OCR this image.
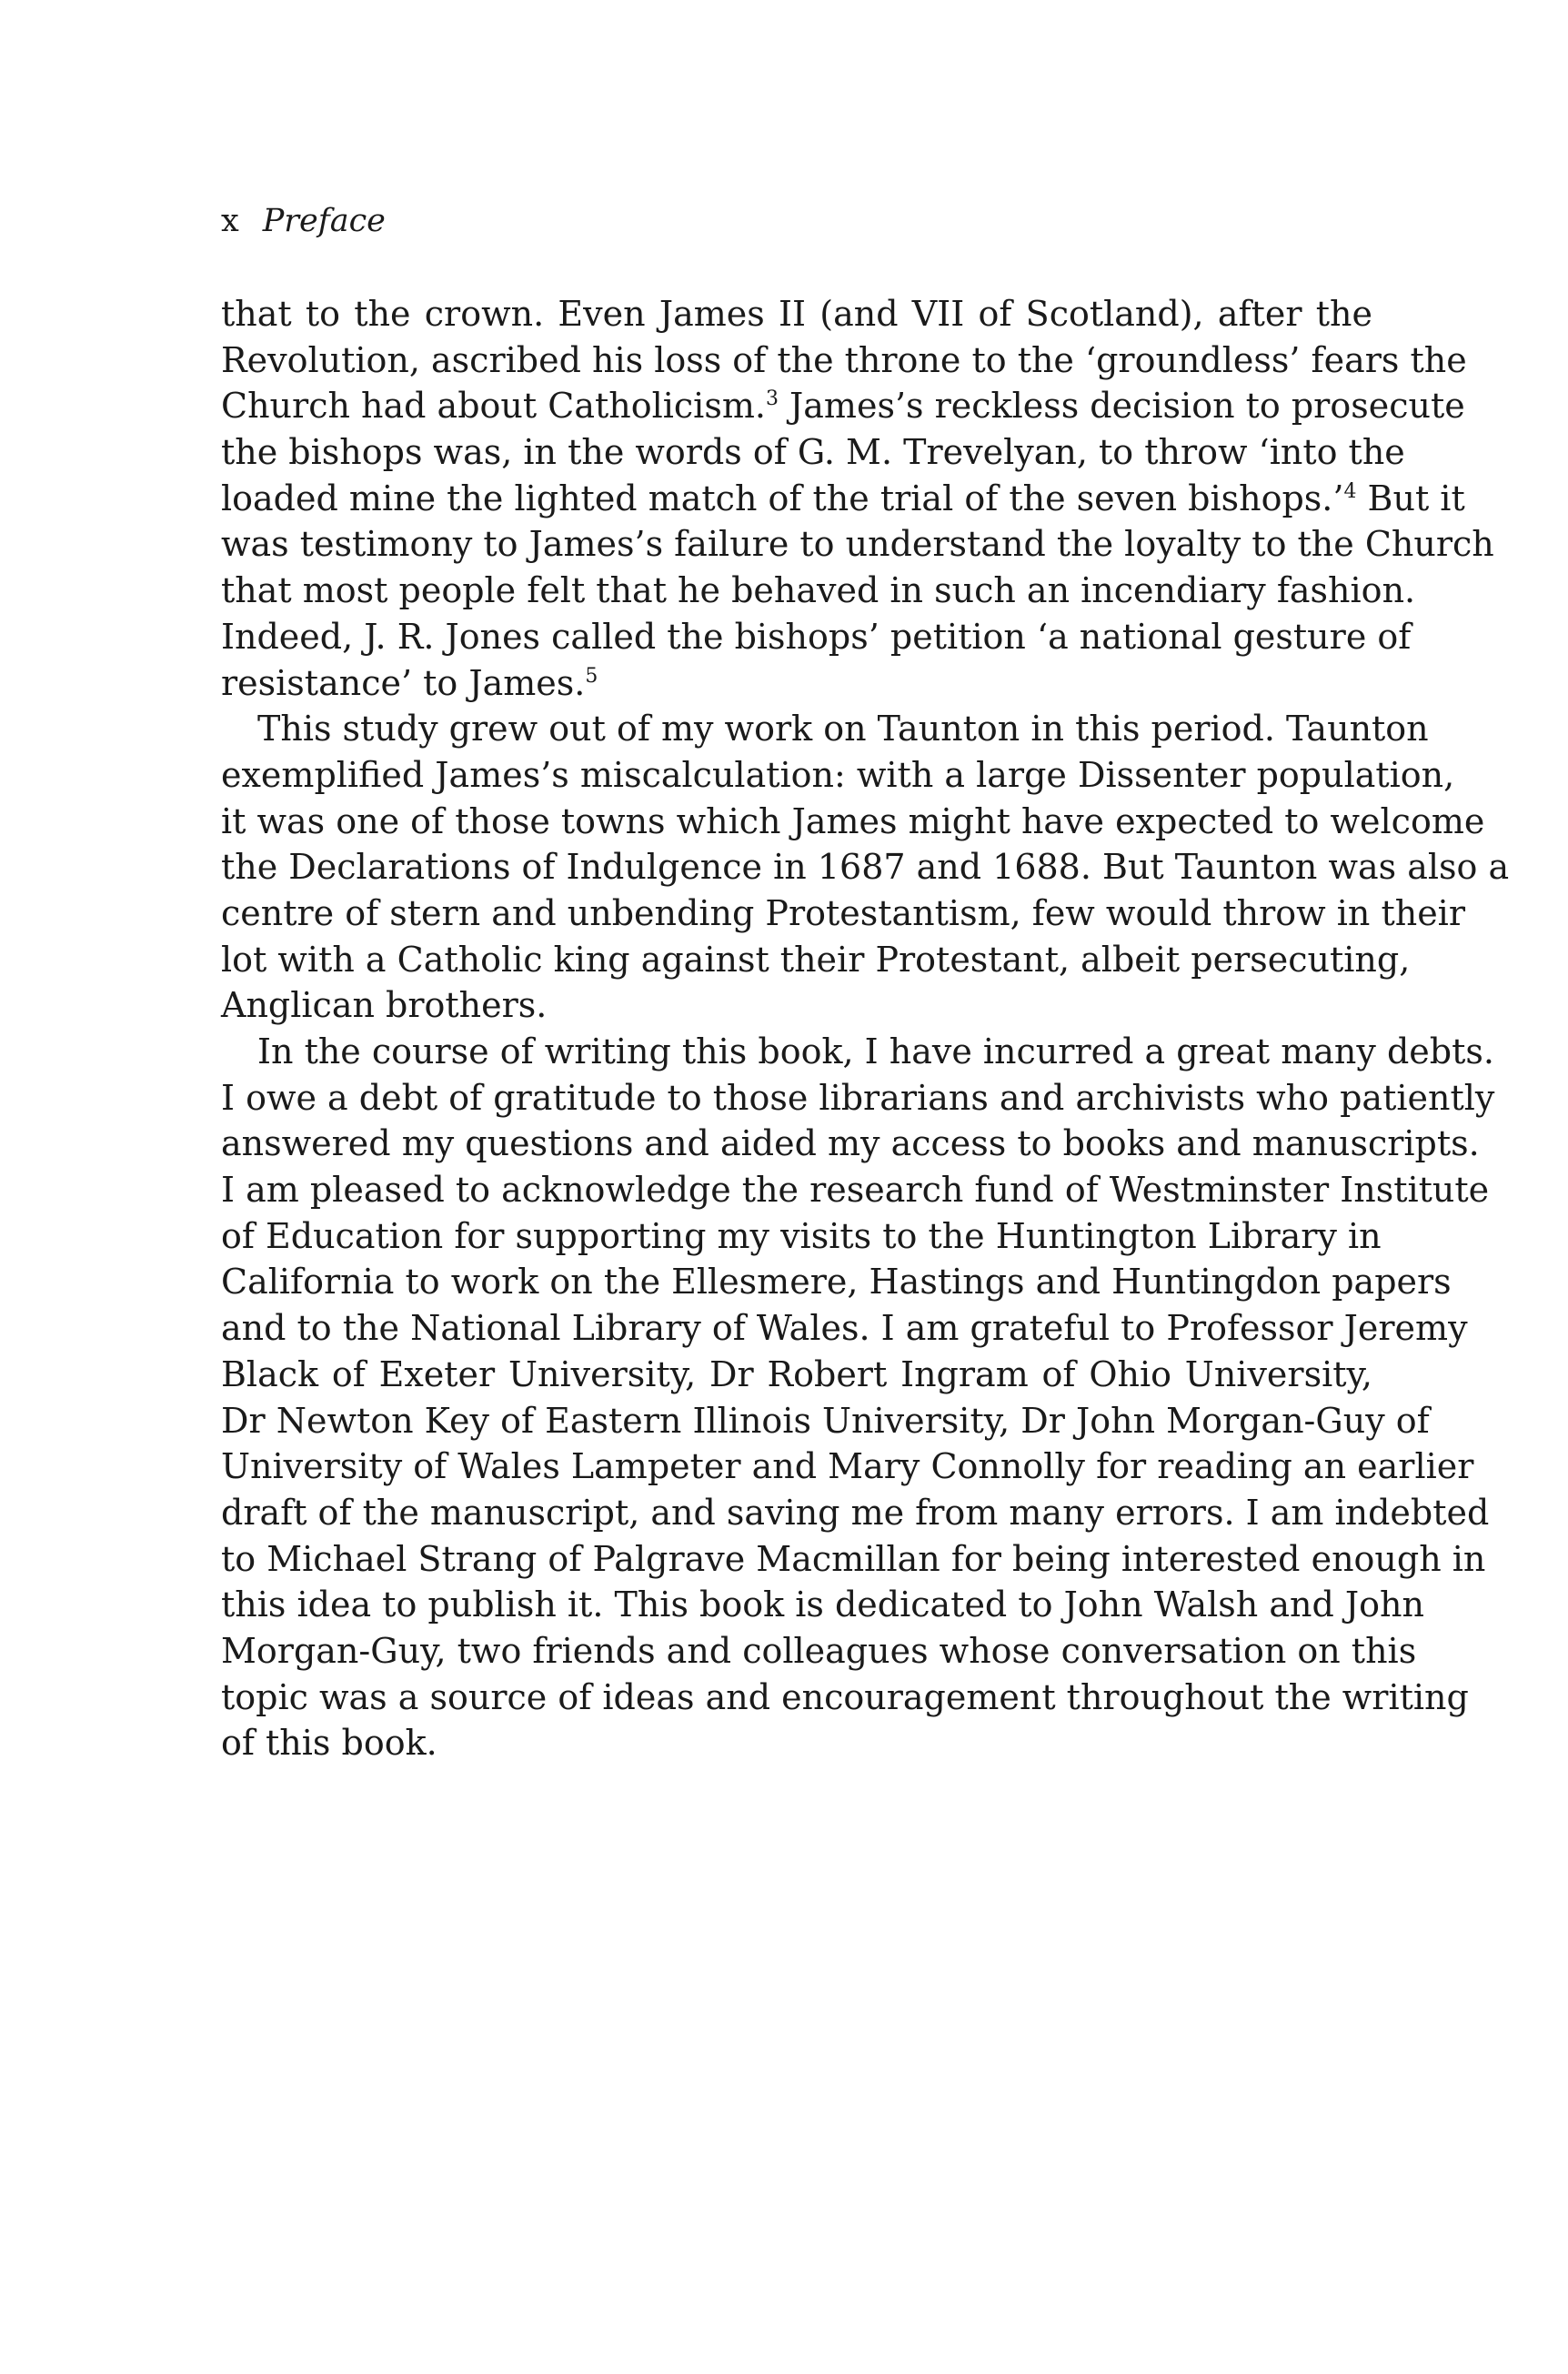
x Preface
that to the crown. Even James II (and VII of Scotland), after the
Revolution, ascribed his loss of the throne to the ‘groundless’ fears the
Church had about Catholicism.$^3$ James’s reckless decision to prosecute
the bishops was, in the words of G. M. Trevelyan, to throw ‘into the
loaded mine the lighted match of the trial of the seven bishops.’$^4$ But it
was testimony to James’s failure to understand the loyalty to the Church
that most people felt that he behaved in such an incendiary fashion.
Indeed, J. R. Jones called the bishops’ petition ‘a national gesture of
resistance’ to James.$^5$
This study grew out of my work on Taunton in this period. Taunton
exemplified James’s miscalculation: with a large Dissenter population,
it was one of those towns which James might have expected to welcome
the Declarations of Indulgence in 1687 and 1688. But Taunton was also a
centre of stern and unbending Protestantism, few would throw in their
lot with a Catholic king against their Protestant, albeit persecuting,
Anglican brothers.
In the course of writing this book, I have incurred a great many debts.
I owe a debt of gratitude to those librarians and archivists who patiently
answered my questions and aided my access to books and manuscripts.
I am pleased to acknowledge the research fund of Westminster Institute
of Education for supporting my visits to the Huntington Library in
California to work on the Ellesmere, Hastings and Huntingdon papers
and to the National Library of Wales. I am grateful to Professor Jeremy
Black of Exeter University, Dr Robert Ingram of Ohio University,
Dr Newton Key of Eastern Illinois University, Dr John Morgan-Guy of
University of Wales Lampeter and Mary Connolly for reading an earlier
draft of the manuscript, and saving me from many errors. I am indebted
to Michael Strang of Palgrave Macmillan for being interested enough in
this idea to publish it. This book is dedicated to John Walsh and John
Morgan-Guy, two friends and colleagues whose conversation on this
topic was a source of ideas and encouragement throughout the writing
of this book.
